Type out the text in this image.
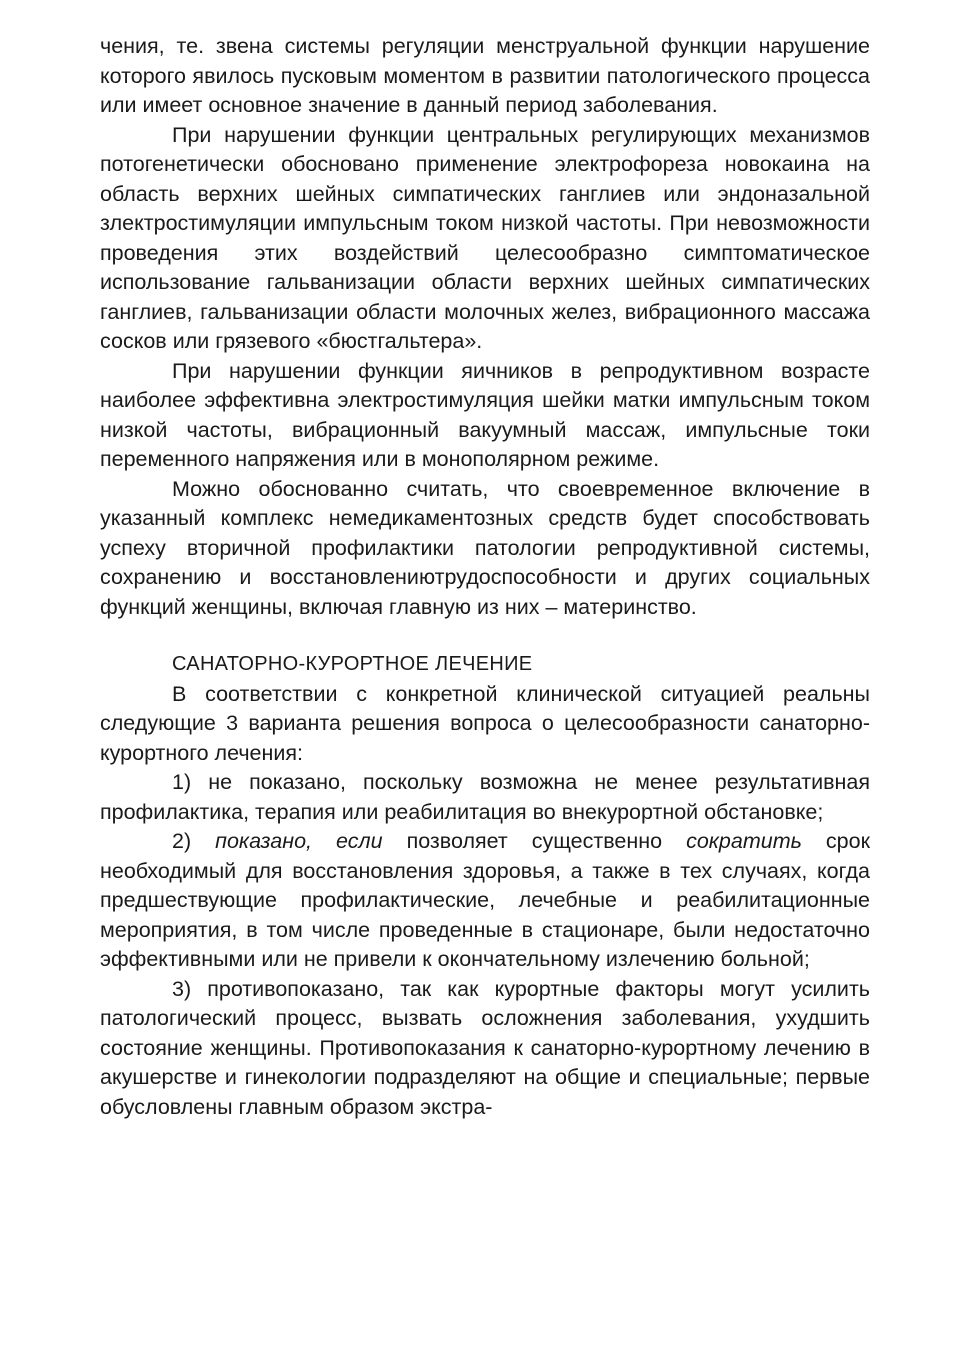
чения, те. звена системы регуляции менструальной функции нарушение которого явилось пусковым моментом в развитии патологического процесса или имеет основное значение в данный период заболевания.

При нарушении функции центральных регулирующих механизмов потогенетически обосновано применение электрофореза новокаина на область верхних шейных симпатических ганглиев или эндоназальной злектростимуляции импульсным током низкой частоты. При невозможности проведения этих воздействий целесообразно симптоматическое использование гальванизации области верхних шейных симпатических ганглиев, гальванизации области молочных желез, вибрационного массажа сосков или грязевого «бюстгальтера».

При нарушении функции яичников в репродуктивном возрасте наиболее эффективна электростимуляция шейки матки импульсным током низкой частоты, вибрационный вакуумный массаж, импульсные токи переменного напряжения или в монополярном режиме.

Можно обоснованно считать, что своевременное включение в указанный комплекс немедикаментозных средств будет способствовать успеху вторичной профилактики патологии репродуктивной системы, сохранению и восстановлениютрудоспособности и других социальных функций женщины, включая главную из них – материнство.

САНАТОРНО-КУРОРТНОЕ ЛЕЧЕНИЕ

В соответствии с конкретной клинической ситуацией реальны следующие 3 варианта решения вопроса о целесообразности санаторно-курортного лечения:

1) не показано, поскольку возможна не менее результативная профилактика, терапия или реабилитация во внекурортной обстановке;

2) показано, если позволяет существенно сократить срок необходимый для восстановления здоровья, а также в тех случаях, когда предшествующие профилактические, лечебные и реабилитационные мероприятия, в том числе проведенные в стационаре, были недостаточно эффективными или не привели к окончательному излечению больной;

3) противопоказано, так как курортные факторы могут усилить патологический процесс, вызвать осложнения заболевания, ухудшить состояние женщины. Противопоказания к санаторно-курортному лечению в акушерстве и гинекологии подразделяют на общие и специальные; первые обусловлены главным образом экстра-
